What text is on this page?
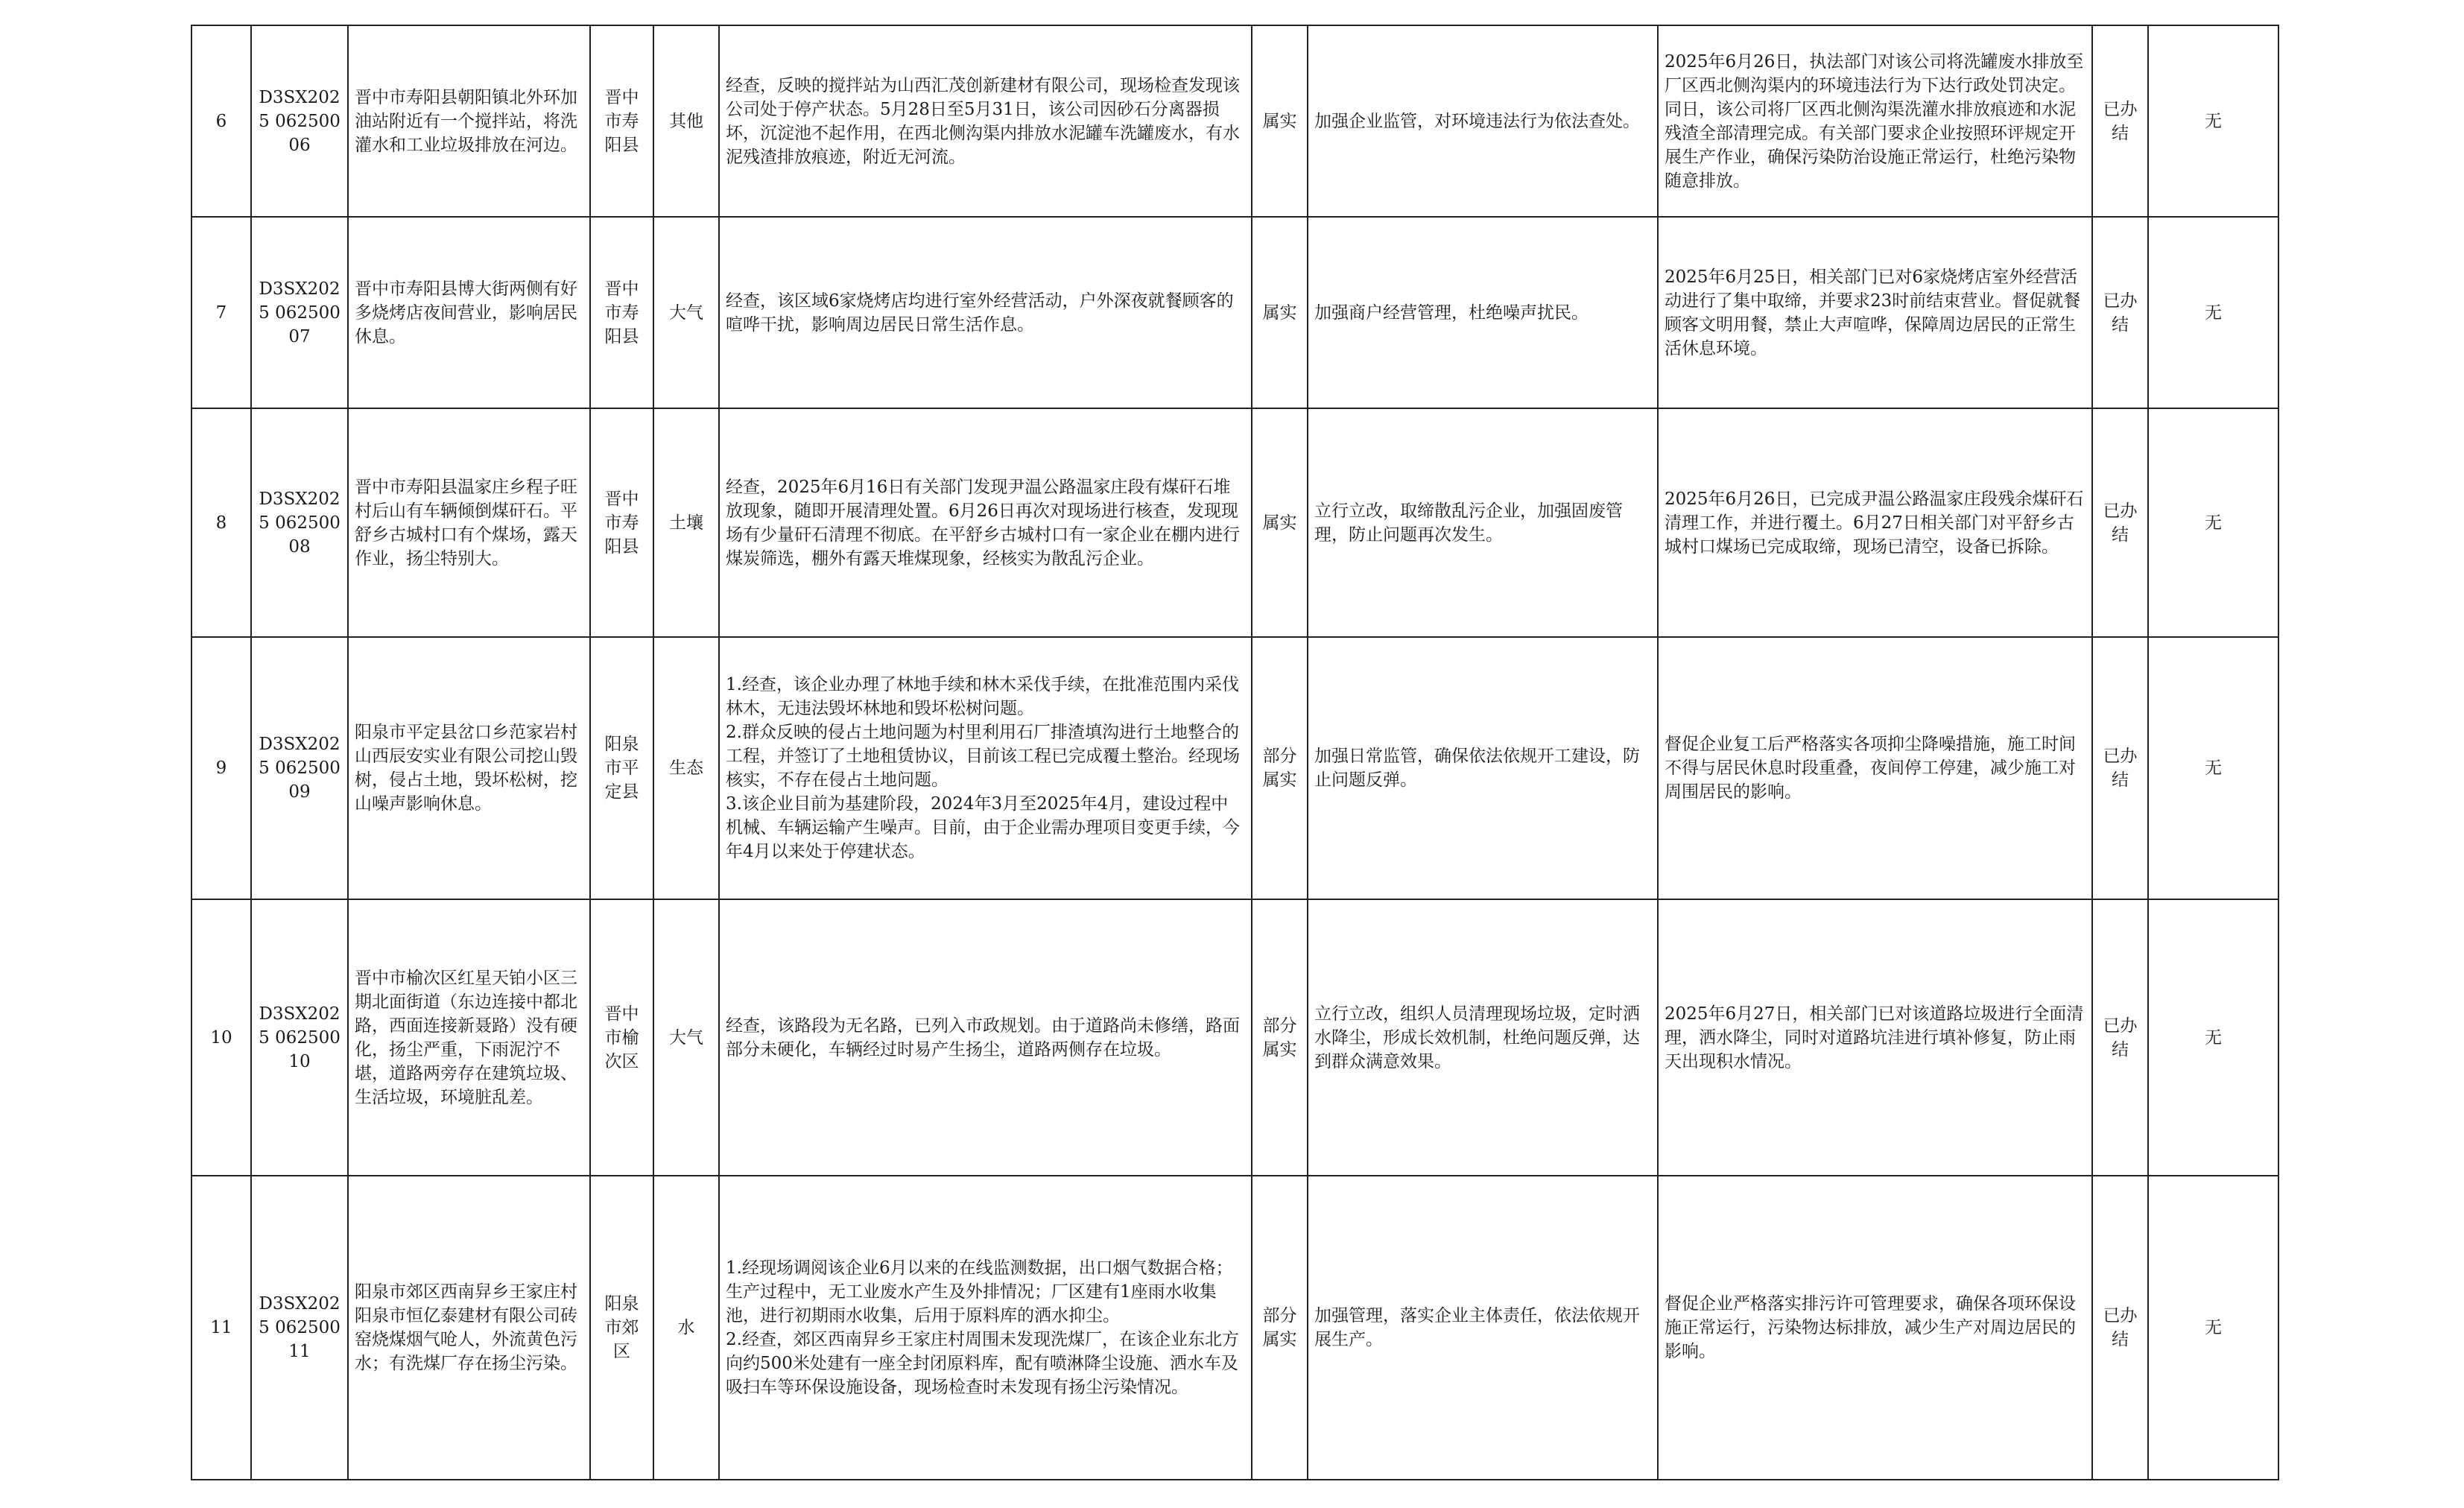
6	D3SX2025 06250006	晋中市寿阳县朝阳镇北外环加油站附近有一个搅拌站，将洗灌水和工业垃圾排放在河边。	晋中市寿阳县	其他	经查，反映的搅拌站为山西汇茂创新建材有限公司，现场检查发现该公司处于停产状态。5月28日至5月31日，该公司因砂石分离器损坏，沉淀池不起作用，在西北侧沟渠内排放水泥罐车洗罐废水，有水泥残渣排放痕迹，附近无河流。	属实	加强企业监管，对环境违法行为依法查处。	2025年6月26日，执法部门对该公司将洗罐废水排放至厂区西北侧沟渠内的环境违法行为下达行政处罚决定。同日，该公司将厂区西北侧沟渠洗灌水排放痕迹和水泥残渣全部清理完成。有关部门要求企业按照环评规定开展生产作业，确保污染防治设施正常运行，杜绝污染物随意排放。	已办结	无
7	D3SX2025 06250007	晋中市寿阳县博大街两侧有好多烧烤店夜间营业，影响居民休息。	晋中市寿阳县	大气	经查，该区域6家烧烤店均进行室外经营活动，户外深夜就餐顾客的喧哗干扰，影响周边居民日常生活作息。	属实	加强商户经营管理，杜绝噪声扰民。	2025年6月25日，相关部门已对6家烧烤店室外经营活动进行了集中取缔，并要求23时前结束营业。督促就餐顾客文明用餐，禁止大声喧哗，保障周边居民的正常生活休息环境。	已办结	无
8	D3SX2025 06250008	晋中市寿阳县温家庄乡程子旺村后山有车辆倾倒煤矸石。平舒乡古城村口有个煤场，露天作业，扬尘特别大。	晋中市寿阳县	土壤	经查，2025年6月16日有关部门发现尹温公路温家庄段有煤矸石堆放现象，随即开展清理处置。6月26日再次对现场进行核查，发现现场有少量矸石清理不彻底。在平舒乡古城村口有一家企业在棚内进行煤炭筛选，棚外有露天堆煤现象，经核实为散乱污企业。	属实	立行立改，取缔散乱污企业，加强固废管理，防止问题再次发生。	2025年6月26日，已完成尹温公路温家庄段残余煤矸石清理工作，并进行覆土。6月27日相关部门对平舒乡古城村口煤场已完成取缔，现场已清空，设备已拆除。	已办结	无
9	D3SX2025 06250009	阳泉市平定县岔口乡范家岩村山西辰安实业有限公司挖山毁树，侵占土地，毁坏松树，挖山噪声影响休息。	阳泉市平定县	生态	1.经查，该企业办理了林地手续和林木采伐手续，在批准范围内采伐林木，无违法毁坏林地和毁坏松树问题。
2.群众反映的侵占土地问题为村里利用石厂排渣填沟进行土地整合的工程，并签订了土地租赁协议，目前该工程已完成覆土整治。经现场核实，不存在侵占土地问题。
3.该企业目前为基建阶段，2024年3月至2025年4月，建设过程中机械、车辆运输产生噪声。目前，由于企业需办理项目变更手续，今年4月以来处于停建状态。	部分属实	加强日常监管，确保依法依规开工建设，防止问题反弹。	督促企业复工后严格落实各项抑尘降噪措施，施工时间不得与居民休息时段重叠，夜间停工停建，减少施工对周围居民的影响。	已办结	无
10	D3SX2025 06250010	晋中市榆次区红星天铂小区三期北面街道（东边连接中都北路，西面连接新聂路）没有硬化，扬尘严重，下雨泥泞不堪，道路两旁存在建筑垃圾、生活垃圾，环境脏乱差。	晋中市榆次区	大气	经查，该路段为无名路，已列入市政规划。由于道路尚未修缮，路面部分未硬化，车辆经过时易产生扬尘，道路两侧存在垃圾。	部分属实	立行立改，组织人员清理现场垃圾，定时洒水降尘，形成长效机制，杜绝问题反弹，达到群众满意效果。	2025年6月27日，相关部门已对该道路垃圾进行全面清理，洒水降尘，同时对道路坑洼进行填补修复，防止雨天出现积水情况。	已办结	无
11	D3SX2025 06250011	阳泉市郊区西南舁乡王家庄村阳泉市恒亿泰建材有限公司砖窑烧煤烟气呛人，外流黄色污水；有洗煤厂存在扬尘污染。	阳泉市郊区	水	1.经现场调阅该企业6月以来的在线监测数据，出口烟气数据合格；生产过程中，无工业废水产生及外排情况；厂区建有1座雨水收集池，进行初期雨水收集，后用于原料库的洒水抑尘。
2.经查，郊区西南舁乡王家庄村周围未发现洗煤厂，在该企业东北方向约500米处建有一座全封闭原料库，配有喷淋降尘设施、洒水车及吸扫车等环保设施设备，现场检查时未发现有扬尘污染情况。	部分属实	加强管理，落实企业主体责任，依法依规开展生产。	督促企业严格落实排污许可管理要求，确保各项环保设施正常运行，污染物达标排放，减少生产对周边居民的影响。	已办结	无
